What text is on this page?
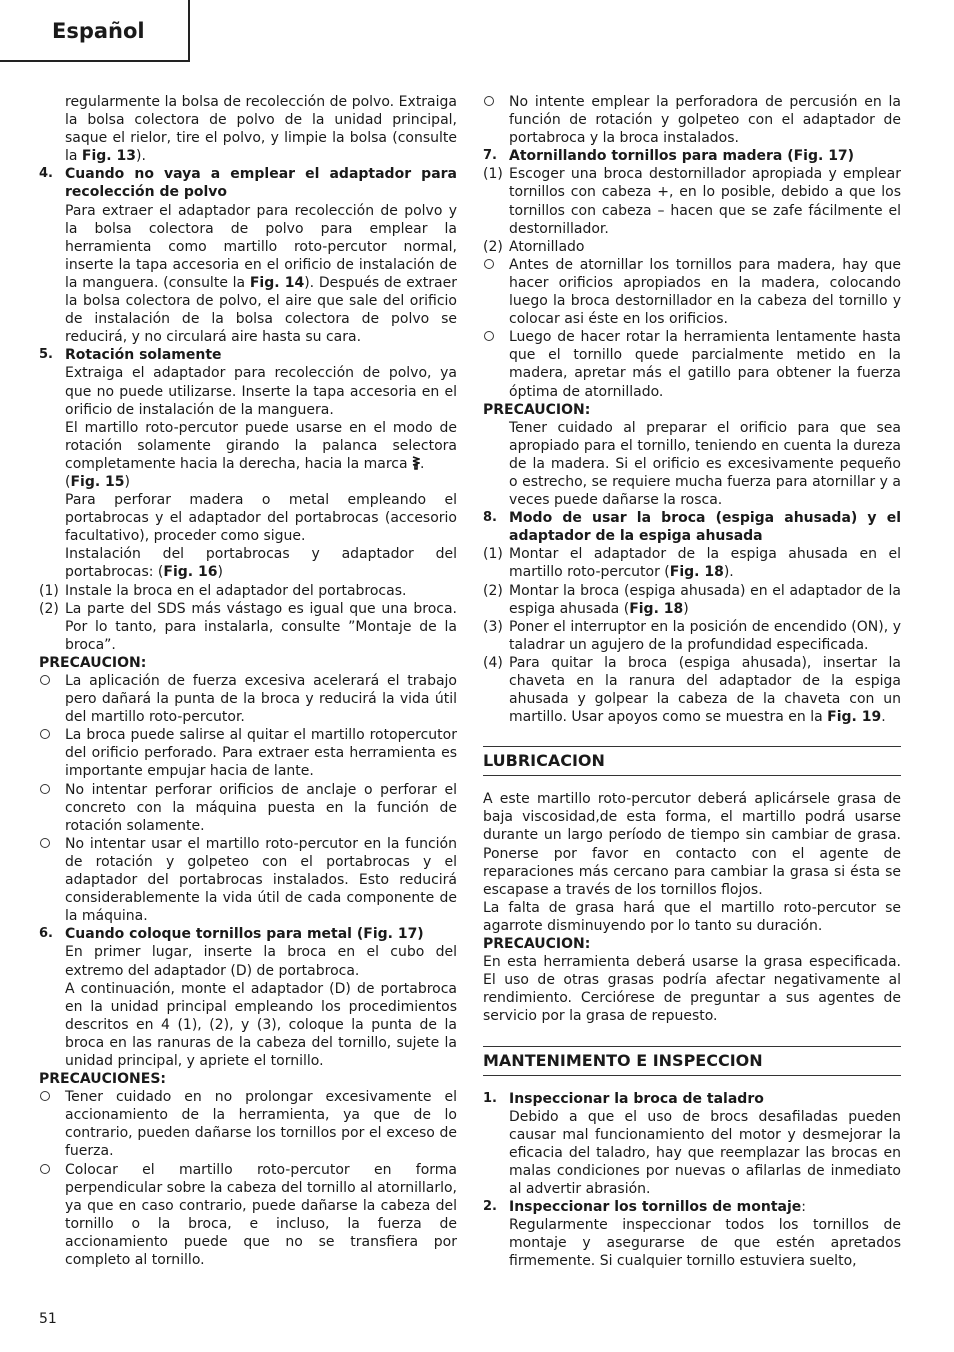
Español

regularmente la bolsa de recolección de polvo. Extraiga la bolsa colectora de polvo de la unidad principal, saque el rielor, tire el polvo, y limpie la bolsa (consulte la Fig. 13).

4. Cuando no vaya a emplear el adaptador para recolección de polvo

Para extraer el adaptador para recolección de polvo y la bolsa colectora de polvo para emplear la herramienta como martillo roto-percutor normal, inserte la tapa accesoria en el orificio de instalación de la manguera. (consulte la Fig. 14). Después de extraer la bolsa colectora de polvo, el aire que sale del orificio de instalación de la bolsa colectora de polvo se reducirá, y no circulará aire hasta su cara.

5. Rotación solamente

Extraiga el adaptador para recolección de polvo, ya que no puede utilizarse. Inserte la tapa accesoria en el orificio de instalación de la manguera.

El martillo roto-percutor puede usarse en el modo de rotación solamente girando la palanca selectora completamente hacia la derecha, hacia la marca .
(Fig. 15)

Para perforar madera o metal empleando el portabrocas y el adaptador del portabrocas (accesorio facultativo), proceder como sigue.

Instalación del portabrocas y adaptador del portabrocas: (Fig. 16)

(1) Instale la broca en el adaptador del portabrocas.

(2) La parte del SDS más vástago es igual que una broca. Por lo tanto, para instalarla, consulte ”Montaje de la broca”.

PRECAUCION:

La aplicación de fuerza excesiva acelerará el trabajo pero dañará la punta de la broca y reducirá la vida útil del martillo roto-percutor.

La broca puede salirse al quitar el martillo rotopercutor del orificio perforado. Para extraer esta herramienta es importante empujar hacia de lante.

No intentar perforar orificios de anclaje o perforar el concreto con la máquina puesta en la función de rotación solamente.

No intentar usar el martillo roto-percutor en la función de rotación y golpeteo con el portabrocas y el adaptador del portabrocas instalados. Esto reducirá considerablemente la vida útil de cada componente de la máquina.

6. Cuando coloque tornillos para metal (Fig. 17)

En primer lugar, inserte la broca en el cubo del extremo del adaptador (D) de portabroca.

A continuación, monte el adaptador (D) de portabroca en la unidad principal empleando los procedimientos descritos en 4 (1), (2), y (3), coloque la punta de la broca en las ranuras de la cabeza del tornillo, sujete la unidad principal, y apriete el tornillo.

PRECAUCIONES:

Tener cuidado en no prolongar excesivamente el accionamiento de la herramienta, ya que de lo contrario, pueden dañarse los tornillos por el exceso de fuerza.

Colocar el martillo roto-percutor en forma perpendicular sobre la cabeza del tornillo al atornillarlo, ya que en caso contrario, puede dañarse la cabeza del tornillo o la broca, e incluso, la fuerza de accionamiento puede que no se transfiera por completo al tornillo.

No intente emplear la perforadora de percusión en la función de rotación y golpeteo con el adaptador de portabroca y la broca instalados.

7. Atornillando tornillos para madera (Fig. 17)

(1) Escoger una broca destornillador apropiada y emplear tornillos con cabeza +, en lo posible, debido a que los tornillos con cabeza – hacen que se zafe fácilmente el destornillador.

(2) Atornillado

Antes de atornillar los tornillos para madera, hay que hacer orificios apropiados en la madera, colocando luego la broca destornillador en la cabeza del tornillo y colocar asi éste en los orificios.

Luego de hacer rotar la herramienta lentamente hasta que el tornillo quede parcialmente metido en la madera, apretar más el gatillo para obtener la fuerza óptima de atornillado.

PRECAUCION:

Tener cuidado al preparar el orificio para que sea apropiado para el tornillo, teniendo en cuenta la dureza de la madera. Si el orificio es excesivamente pequeño o estrecho, se requiere mucha fuerza para atornillar y a veces puede dañarse la rosca.

8. Modo de usar la broca (espiga ahusada) y el adaptador de la espiga ahusada

(1) Montar el adaptador de la espiga ahusada en el martillo roto-percutor (Fig. 18).

(2) Montar la broca (espiga ahusada) en el adaptador de la espiga ahusada (Fig. 18)

(3) Poner el interruptor en la posición de encendido (ON), y taladrar un agujero de la profundidad especificada.

(4) Para quitar la broca (espiga ahusada), insertar la chaveta en la ranura del adaptador de la espiga ahusada y golpear la cabeza de la chaveta con un martillo. Usar apoyos como se muestra en la Fig. 19.

LUBRICACION

A este martillo roto-percutor deberá aplicársele grasa de baja viscosidad,de esta forma, el martillo podrá usarse durante un largo período de tiempo sin cambiar de grasa. Ponerse por favor en contacto con el agente de reparaciones más cercano para cambiar la grasa si ésta se escapase a través de los tornillos flojos.

La falta de grasa hará que el martillo roto-percutor se agarrote disminuyendo por lo tanto su duración.

PRECAUCION:

En esta herramienta deberá usarse la grasa especificada. El uso de otras grasas podría afectar negativamente al rendimiento. Cerciórese de preguntar a sus agentes de servicio por la grasa de repuesto.

MANTENIMENTO E INSPECCION
1. Inspeccionar la broca de taladro

Debido a que el uso de brocs desafiladas pueden causar mal funcionamiento del motor y desmejorar la eficacia del taladro, hay que reemplazar las brocas en malas condiciones por nuevas o afilarlas de inmediato al advertir abrasión.

2. Inspeccionar los tornillos de montaje:

Regularmente inspeccionar todos los tornillos de montaje y asegurarse de que estén apretados firmemente. Si cualquier tornillo estuviera suelto,

51
